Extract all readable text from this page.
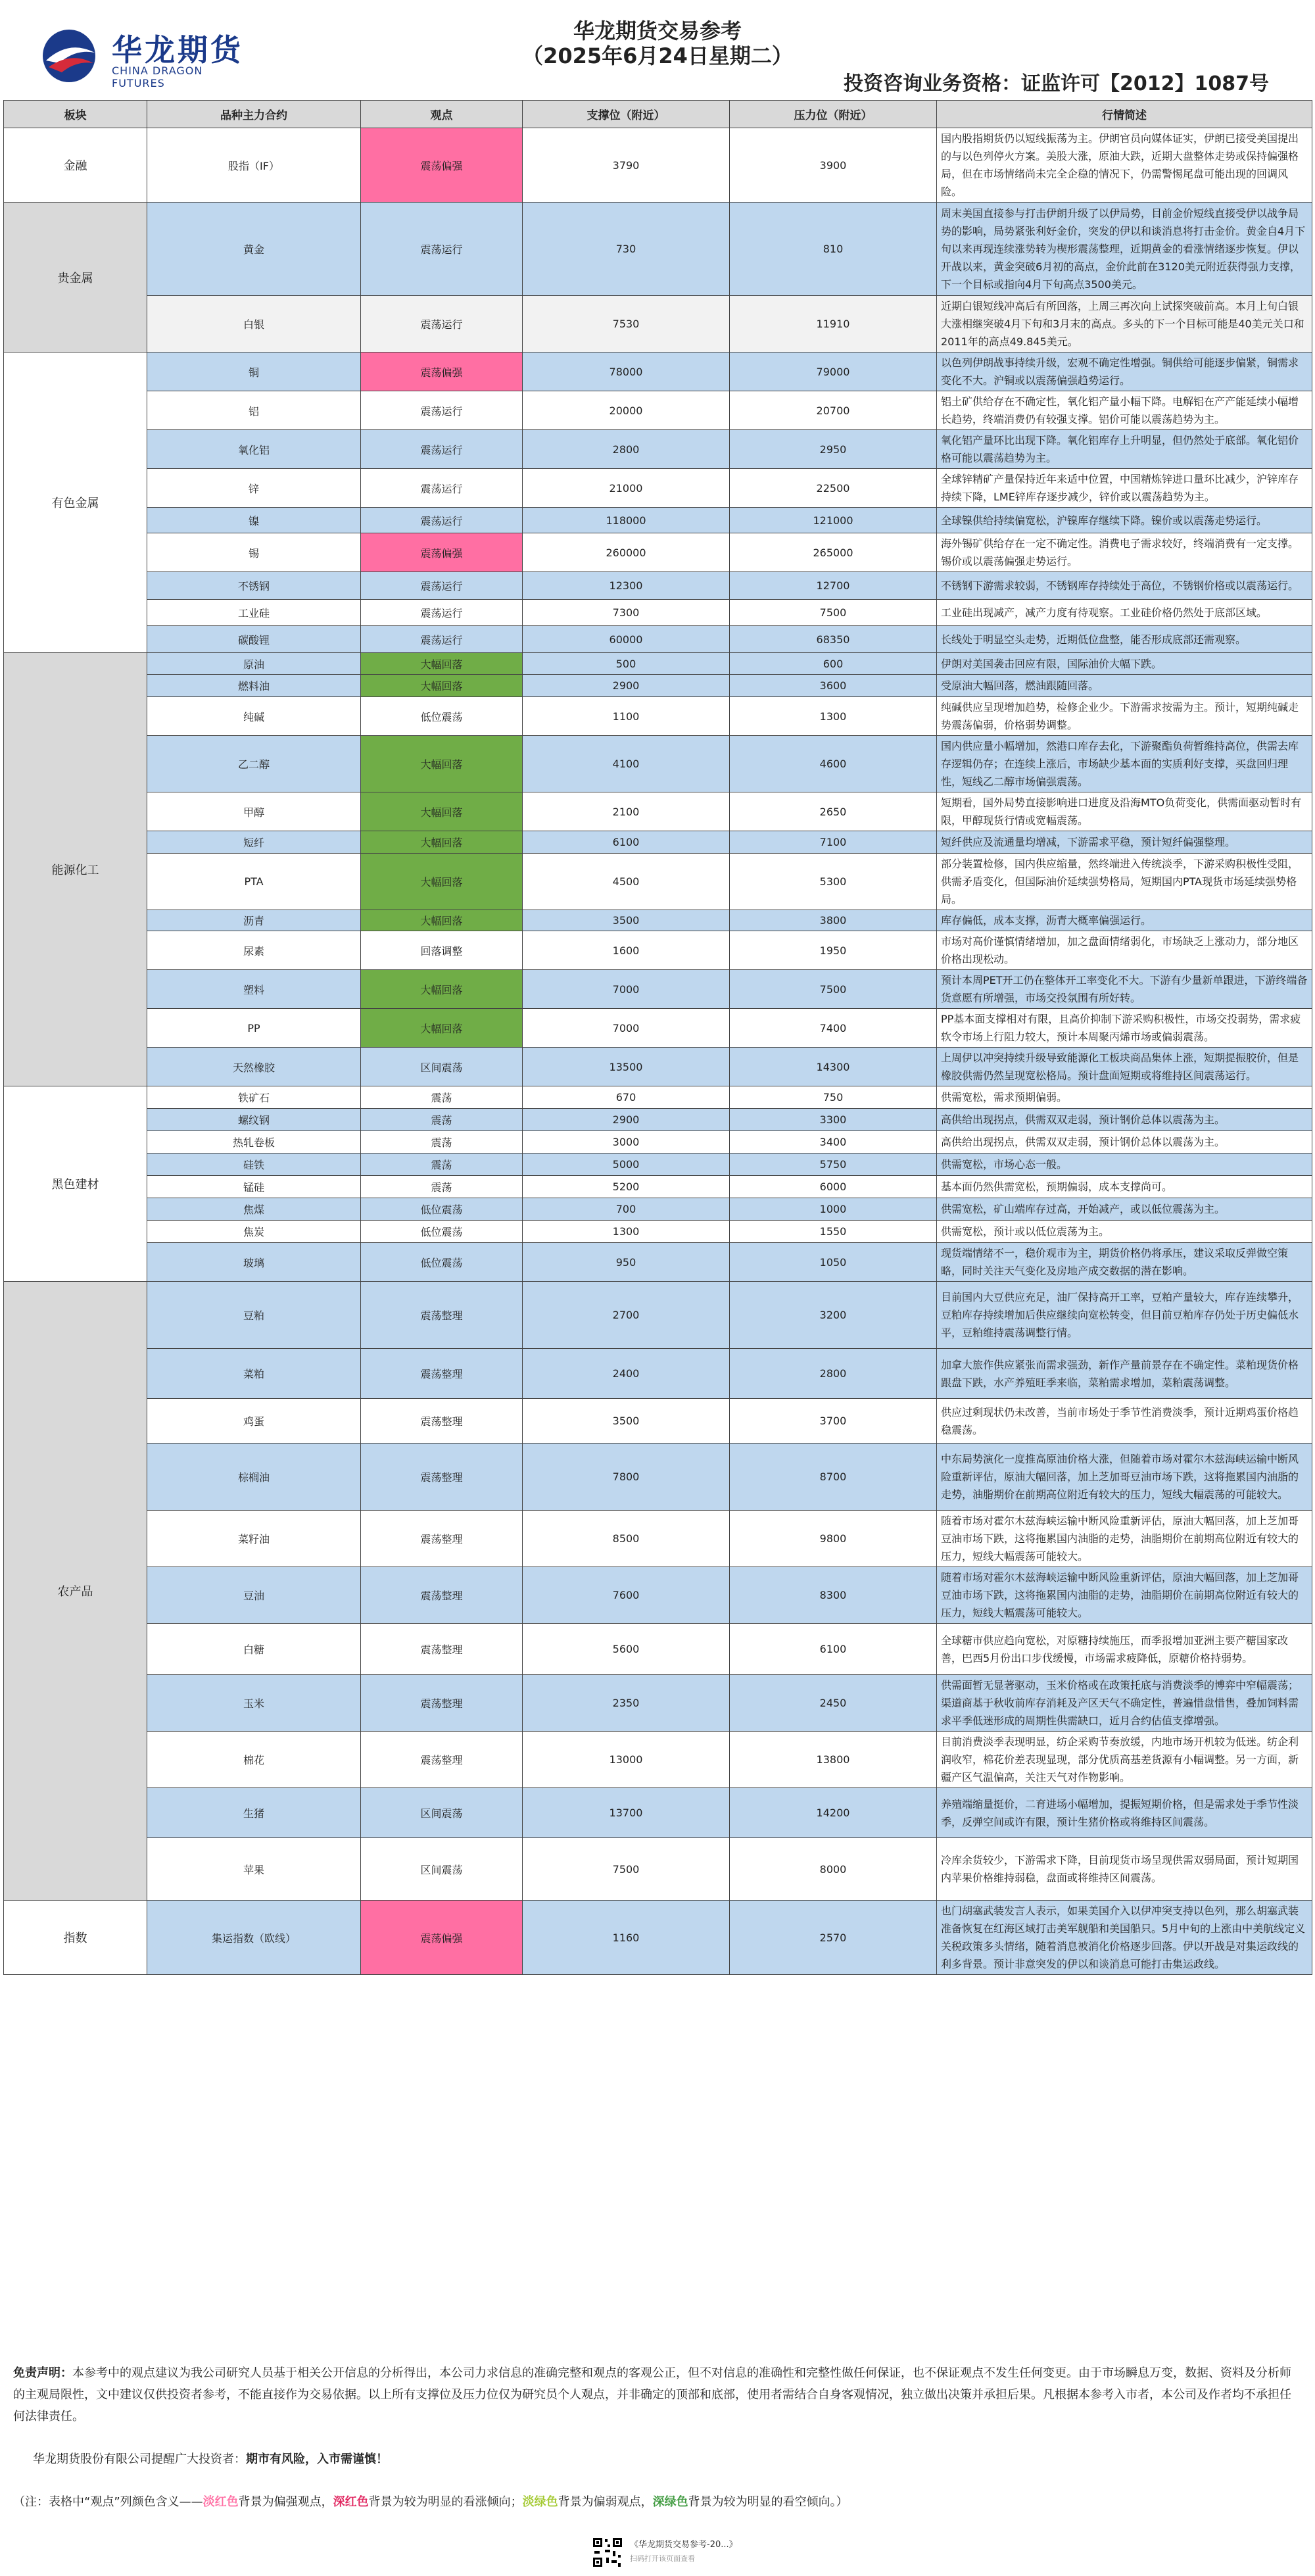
华龙期货
CHINA DRAGON FUTURES
华龙期货交易参考
（2025年6月24日星期二）
投资咨询业务资格：证监许可【2012】1087号
板块	品种主力合约	观点	支撑位（附近）	压力位（附近）	行情简述
金融	股指（IF）	震荡偏强	3790	3900	国内股指期货仍以短线振荡为主。伊朗官员向媒体证实，伊朗已接受美国提出的与以色列停火方案。美股大涨，原油大跌，近期大盘整体走势或保持偏强格局，但在市场情绪尚未完全企稳的情况下，仍需警惕尾盘可能出现的回调风险。
贵金属	黄金	震荡运行	730	810	周末美国直接参与打击伊朗升级了以伊局势，目前金价短线直接受伊以战争局势的影响，局势紧张利好金价，突发的伊以和谈消息将打击金价。黄金自4月下旬以来再现连续涨势转为楔形震荡整理，近期黄金的看涨情绪逐步恢复。伊以开战以来，黄金突破6月初的高点，金价此前在3120美元附近获得强力支撑，下一个目标或指向4月下旬高点3500美元。
	白银	震荡运行	7530	11910	近期白银短线冲高后有所回落，上周三再次向上试探突破前高。本月上旬白银大涨相继突破4月下旬和3月末的高点。多头的下一个目标可能是40美元关口和2011年的高点49.845美元。
有色金属	铜	震荡偏强	78000	79000	以色列伊朗战事持续升级，宏观不确定性增强。铜供给可能逐步偏紧，铜需求变化不大。沪铜或以震荡偏强趋势运行。
	铝	震荡运行	20000	20700	铝土矿供给存在不确定性，氧化铝产量小幅下降。电解铝在产产能延续小幅增长趋势，终端消费仍有较强支撑。铝价可能以震荡趋势为主。
	氧化铝	震荡运行	2800	2950	氧化铝产量环比出现下降。氧化铝库存上升明显，但仍然处于底部。氧化铝价格可能以震荡趋势为主。
	锌	震荡运行	21000	22500	全球锌精矿产量保持近年来适中位置，中国精炼锌进口量环比减少，沪锌库存持续下降，LME锌库存逐步减少，锌价或以震荡趋势为主。
	镍	震荡运行	118000	121000	全球镍供给持续偏宽松，沪镍库存继续下降。镍价或以震荡走势运行。
	锡	震荡偏强	260000	265000	海外锡矿供给存在一定不确定性。消费电子需求较好，终端消费有一定支撑。锡价或以震荡偏强走势运行。
	不锈钢	震荡运行	12300	12700	不锈钢下游需求较弱，不锈钢库存持续处于高位，不锈钢价格或以震荡运行。
	工业硅	震荡运行	7300	7500	工业硅出现减产，减产力度有待观察。工业硅价格仍然处于底部区域。
	碳酸锂	震荡运行	60000	68350	长线处于明显空头走势，近期低位盘整，能否形成底部还需观察。
能源化工	原油	大幅回落	500	600	伊朗对美国袭击回应有限，国际油价大幅下跌。
	燃料油	大幅回落	2900	3600	受原油大幅回落，燃油跟随回落。
	纯碱	低位震荡	1100	1300	纯碱供应呈现增加趋势，检修企业少。下游需求按需为主。预计，短期纯碱走势震荡偏弱，价格弱势调整。
	乙二醇	大幅回落	4100	4600	国内供应量小幅增加，然港口库存去化，下游聚酯负荷暂维持高位，供需去库存逻辑仍存；在连续上涨后，市场缺少基本面的实质利好支撑，买盘回归理性，短线乙二醇市场偏强震荡。
	甲醇	大幅回落	2100	2650	短期看，国外局势直接影响进口进度及沿海MTO负荷变化，供需面驱动暂时有限，甲醇现货行情或宽幅震荡。
	短纤	大幅回落	6100	7100	短纤供应及流通量均增减，下游需求平稳，预计短纤偏强整理。
	PTA	大幅回落	4500	5300	部分装置检修，国内供应缩量，然终端进入传统淡季，下游采购积极性受阻，供需矛盾变化，但国际油价延续强势格局，短期国内PTA现货市场延续强势格局。
	沥青	大幅回落	3500	3800	库存偏低，成本支撑，沥青大概率偏强运行。
	尿素	回落调整	1600	1950	市场对高价谨慎情绪增加，加之盘面情绪弱化，市场缺乏上涨动力，部分地区价格出现松动。
	塑料	大幅回落	7000	7500	预计本周PET开工仍在整体开工率变化不大。下游有少量新单跟进，下游终端备货意愿有所增强，市场交投氛围有所好转。
	PP	大幅回落	7000	7400	PP基本面支撑相对有限，且高价抑制下游采购积极性，市场交投弱势，需求疲软令市场上行阻力较大，预计本周聚丙烯市场或偏弱震荡。
	天然橡胶	区间震荡	13500	14300	上周伊以冲突持续升级导致能源化工板块商品集体上涨，短期提振胶价，但是橡胶供需仍然呈现宽松格局。预计盘面短期或将维持区间震荡运行。
黑色建材	铁矿石	震荡	670	750	供需宽松，需求预期偏弱。
	螺纹钢	震荡	2900	3300	高供给出现拐点，供需双双走弱，预计钢价总体以震荡为主。
	热轧卷板	震荡	3000	3400	高供给出现拐点，供需双双走弱，预计钢价总体以震荡为主。
	硅铁	震荡	5000	5750	供需宽松，市场心态一般。
	锰硅	震荡	5200	6000	基本面仍然供需宽松，预期偏弱，成本支撑尚可。
	焦煤	低位震荡	700	1000	供需宽松，矿山端库存过高，开始减产，或以低位震荡为主。
	焦炭	低位震荡	1300	1550	供需宽松，预计或以低位震荡为主。
	玻璃	低位震荡	950	1050	现货端情绪不一，稳价观市为主，期货价格仍将承压，建议采取反弹做空策略，同时关注天气变化及房地产成交数据的潜在影响。
农产品	豆粕	震荡整理	2700	3200	目前国内大豆供应充足，油厂保持高开工率，豆粕产量较大，库存连续攀升，豆粕库存持续增加后供应继续向宽松转变，但目前豆粕库存仍处于历史偏低水平，豆粕维持震荡调整行情。
	菜粕	震荡整理	2400	2800	加拿大旅作供应紧张而需求强劲，新作产量前景存在不确定性。菜粕现货价格跟盘下跌，水产养殖旺季来临，菜粕需求增加，菜粕震荡调整。
	鸡蛋	震荡整理	3500	3700	供应过剩现状仍未改善，当前市场处于季节性消费淡季，预计近期鸡蛋价格趋稳震荡。
	棕榈油	震荡整理	7800	8700	中东局势演化一度推高原油价格大涨，但随着市场对霍尔木兹海峡运输中断风险重新评估，原油大幅回落，加上芝加哥豆油市场下跌，这将拖累国内油脂的走势，油脂期价在前期高位附近有较大的压力，短线大幅震荡的可能较大。
	菜籽油	震荡整理	8500	9800	随着市场对霍尔木兹海峡运输中断风险重新评估，原油大幅回落，加上芝加哥豆油市场下跌，这将拖累国内油脂的走势，油脂期价在前期高位附近有较大的压力，短线大幅震荡可能较大。
	豆油	震荡整理	7600	8300	随着市场对霍尔木兹海峡运输中断风险重新评估，原油大幅回落，加上芝加哥豆油市场下跌，这将拖累国内油脂的走势，油脂期价在前期高位附近有较大的压力，短线大幅震荡可能较大。
	白糖	震荡整理	5600	6100	全球糖市供应趋向宽松，对原糖持续施压，而季报增加亚洲主要产糖国家改善，巴西5月份出口步伐缓慢，市场需求疲降低，原糖价格持弱势。
	玉米	震荡整理	2350	2450	供需面暂无显著驱动，玉米价格或在政策托底与消费淡季的博弈中窄幅震荡；渠道商基于秋收前库存消耗及产区天气不确定性，普遍惜盘惜售，叠加饲料需求平季低迷形成的周期性供需缺口，近月合约估值支撑增强。
	棉花	震荡整理	13000	13800	目前消费淡季表现明显，纺企采购节奏放缓，内地市场开机较为低迷。纺企利润收窄，棉花价差表现显现，部分优质高基差货源有小幅调整。另一方面，新疆产区气温偏高，关注天气对作物影响。
	生猪	区间震荡	13700	14200	养殖端缩量挺价，二育进场小幅增加，提振短期价格，但是需求处于季节性淡季，反弹空间或许有限，预计生猪价格或将维持区间震荡。
	苹果	区间震荡	7500	8000	冷库余货较少，下游需求下降，目前现货市场呈现供需双弱局面，预计短期国内苹果价格维持弱稳，盘面或将维持区间震荡。
指数	集运指数（欧线）	震荡偏强	1160	2570	也门胡塞武装发言人表示，如果美国介入以伊冲突支持以色列，那么胡塞武装准备恢复在红海区域打击美军舰船和美国船只。5月中旬的上涨由中美航线定义关税政策多头情绪，随着消息被消化价格逐步回落。伊以开战是对集运政线的利多背景。预计非意突发的伊以和谈消息可能打击集运政线。
免责声明：本参考中的观点建议为我公司研究人员基于相关公开信息的分析得出，本公司力求信息的准确完整和观点的客观公正，但不对信息的准确性和完整性做任何保证，也不保证观点不发生任何变更。由于市场瞬息万变，数据、资料及分析师的主观局限性，文中建议仅供投资者参考，不能直接作为交易依据。以上所有支撑位及压力位仅为研究员个人观点，并非确定的顶部和底部，使用者需结合自身客观情况，独立做出决策并承担后果。凡根据本参考入市者，本公司及作者均不承担任何法律责任。
华龙期货股份有限公司提醒广大投资者：期市有风险，入市需谨慎！
（注：表格中“观点”列颜色含义——淡红色背景为偏强观点，深红色背景为较为明显的看涨倾向；淡绿色背景为偏弱观点，深绿色背景为较为明显的看空倾向。）
《华龙期货交易参考-20...》
扫码打开该页面查看
